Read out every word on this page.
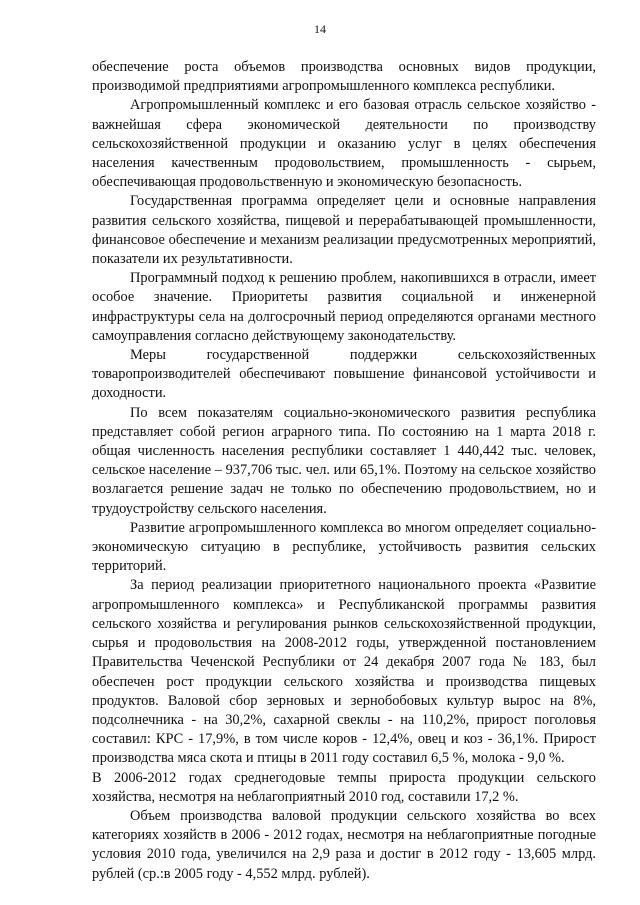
14

обеспечение роста объемов производства основных видов продукции, производимой предприятиями агропромышленного комплекса республики.

Агропромышленный комплекс и его базовая отрасль сельское хозяйство - важнейшая сфера экономической деятельности по производству сельскохозяйственной продукции и оказанию услуг в целях обеспечения населения качественным продовольствием, промышленность - сырьем, обеспечивающая продовольственную и экономическую безопасность.

Государственная программа определяет цели и основные направления развития сельского хозяйства, пищевой и перерабатывающей промышленности, финансовое обеспечение и механизм реализации предусмотренных мероприятий, показатели их результативности.

Программный подход к решению проблем, накопившихся в отрасли, имеет особое значение. Приоритеты развития социальной и инженерной инфраструктуры села на долгосрочный период определяются органами местного самоуправления согласно действующему законодательству.

Меры государственной поддержки сельскохозяйственных товаропроизводителей обеспечивают повышение финансовой устойчивости и доходности.

По всем показателям социально-экономического развития республика представляет собой регион аграрного типа. По состоянию на 1 марта 2018 г. общая численность населения республики составляет 1 440,442 тыс. человек, сельское население – 937,706 тыс. чел. или 65,1%. Поэтому на сельское хозяйство возлагается решение задач не только по обеспечению продовольствием, но и трудоустройству сельского населения.

Развитие агропромышленного комплекса во многом определяет социально-экономическую ситуацию в республике, устойчивость развития сельских территорий.

За период реализации приоритетного национального проекта «Развитие агропромышленного комплекса» и Республиканской программы развития сельского хозяйства и регулирования рынков сельскохозяйственной продукции, сырья и продовольствия на 2008-2012 годы, утвержденной постановлением Правительства Чеченской Республики от 24 декабря 2007 года № 183, был обеспечен рост продукции сельского хозяйства и производства пищевых продуктов. Валовой сбор зерновых и зернобобовых культур вырос на 8%, подсолнечника - на 30,2%, сахарной свеклы - на 110,2%, прирост поголовья составил: КРС - 17,9%, в том числе коров - 12,4%, овец и коз - 36,1%. Прирост производства мяса скота и птицы в 2011 году составил 6,5 %, молока - 9,0 %.

В 2006-2012 годах среднегодовые темпы прироста продукции сельского хозяйства, несмотря на неблагоприятный 2010 год, составили 17,2 %.

Объем производства валовой продукции сельского хозяйства во всех категориях хозяйств в 2006 - 2012 годах, несмотря на неблагоприятные погодные условия 2010 года, увеличился на 2,9 раза и достиг в 2012 году - 13,605 млрд. рублей (ср.:в 2005 году - 4,552 млрд. рублей).
